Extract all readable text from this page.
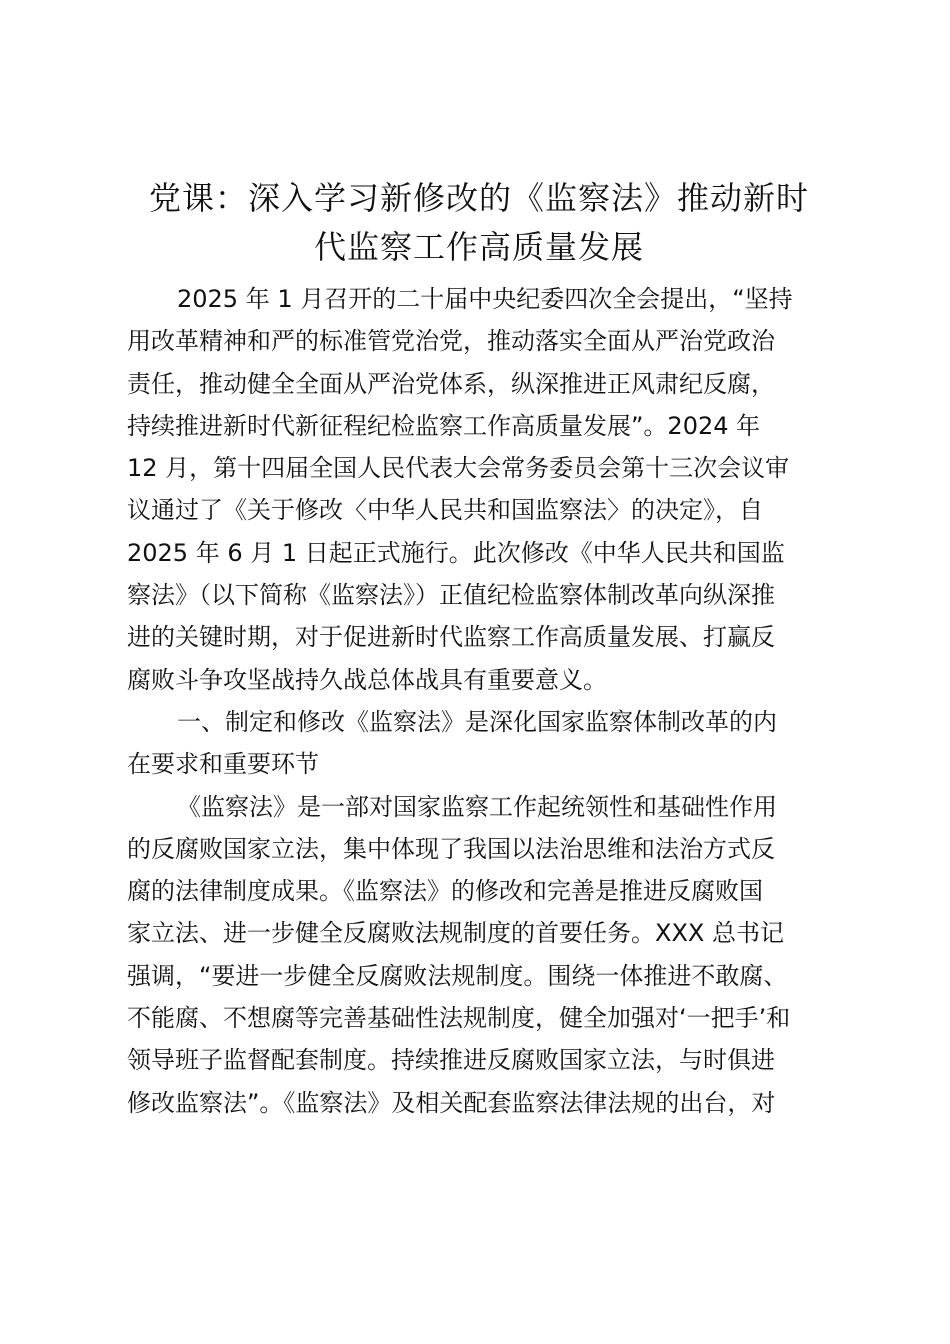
党课：深入学习新修改的《监察法》推动新时
代监察工作高质量发展
2025 年 1 月召开的二十届中央纪委四次全会提出，“坚持
用改革精神和严的标准管党治党，推动落实全面从严治党政治
责任，推动健全全面从严治党体系，纵深推进正风肃纪反腐，
持续推进新时代新征程纪检监察工作高质量发展”。2024 年
12 月，第十四届全国人民代表大会常务委员会第十三次会议审
议通过了《关于修改〈中华人民共和国监察法〉的决定》，自
2025 年 6 月 1 日起正式施行。此次修改《中华人民共和国监
察法》（以下简称《监察法》）正值纪检监察体制改革向纵深推
进的关键时期，对于促进新时代监察工作高质量发展、打赢反
腐败斗争攻坚战持久战总体战具有重要意义。
一、制定和修改《监察法》是深化国家监察体制改革的内
在要求和重要环节
《监察法》是一部对国家监察工作起统领性和基础性作用
的反腐败国家立法，集中体现了我国以法治思维和法治方式反
腐的法律制度成果。《监察法》的修改和完善是推进反腐败国
家立法、进一步健全反腐败法规制度的首要任务。XXX 总书记
强调，“要进一步健全反腐败法规制度。围绕一体推进不敢腐、
不能腐、不想腐等完善基础性法规制度，健全加强对‘一把手’和
领导班子监督配套制度。持续推进反腐败国家立法，与时俱进
修改监察法”。《监察法》及相关配套监察法律法规的出台，对
